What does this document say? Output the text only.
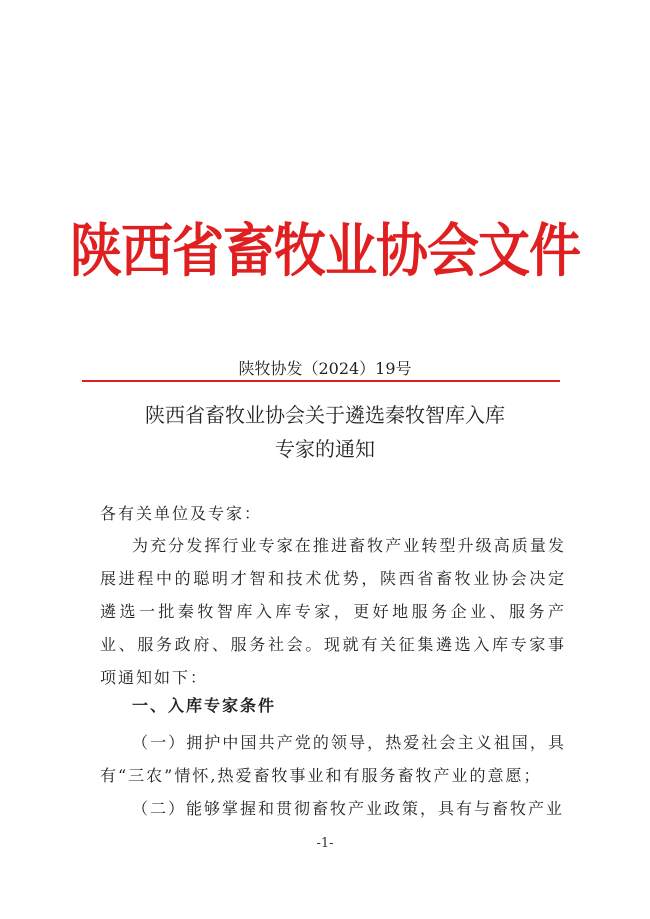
陕西省畜牧业协会文件
陕牧协发（2024）19号
陕西省畜牧业协会关于遴选秦牧智库入库
专家的通知
各有关单位及专家：
为充分发挥行业专家在推进畜牧产业转型升级高质量发展进程中的聪明才智和技术优势，陕西省畜牧业协会决定遴选一批秦牧智库入库专家，更好地服务企业、服务产业、服务政府、服务社会。现就有关征集遴选入库专家事项通知如下：
一、入库专家条件
（一）拥护中国共产党的领导，热爱社会主义祖国，具有“三农”情怀,热爱畜牧事业和有服务畜牧产业的意愿；
（二）能够掌握和贯彻畜牧产业政策，具有与畜牧产业
-1-
